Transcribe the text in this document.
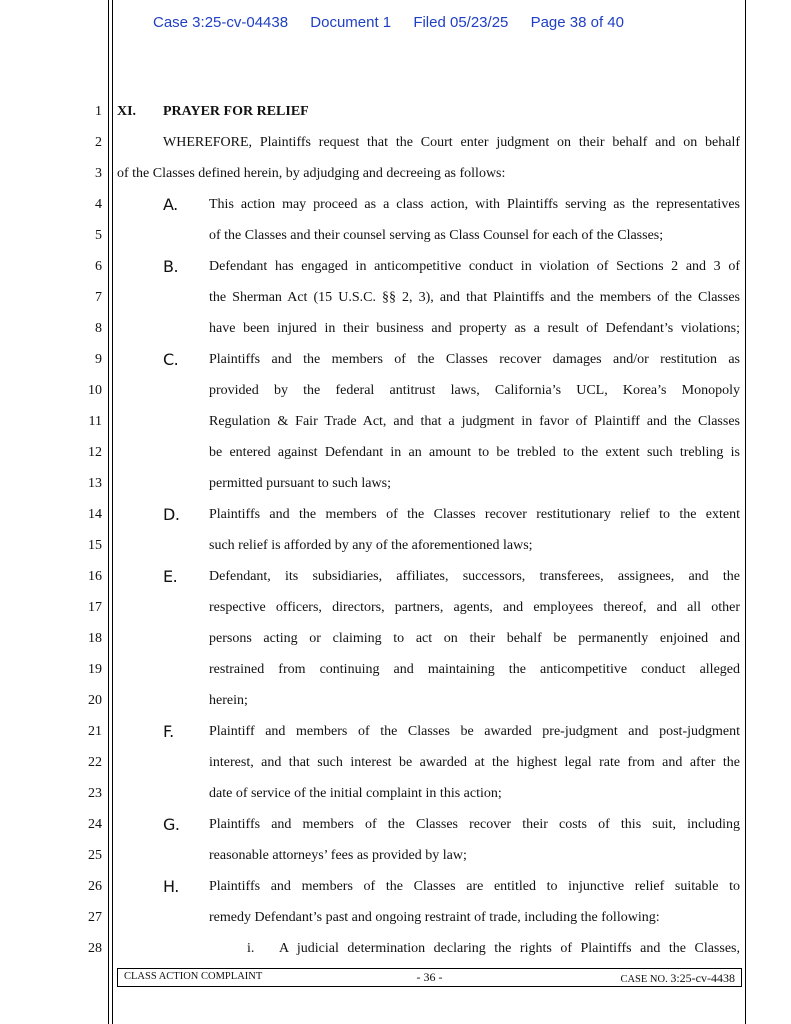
Case 3:25-cv-04438 Document 1 Filed 05/23/25 Page 38 of 40
1
2
3
4
5
6
7
8
9
10
11
12
13
14
15
16
17
18
19
20
21
22
23
24
25
26
27
28
XI. PRAYER FOR RELIEF
WHEREFORE, Plaintiffs request that the Court enter judgment on their behalf and on behalf
of the Classes defined herein, by adjudging and decreeing as follows:
A. This action may proceed as a class action, with Plaintiffs serving as the representatives
of the Classes and their counsel serving as Class Counsel for each of the Classes;
B. Defendant has engaged in anticompetitive conduct in violation of Sections 2 and 3 of
the Sherman Act (15 U.S.C. §§ 2, 3), and that Plaintiffs and the members of the Classes
have been injured in their business and property as a result of Defendant’s violations;
C. Plaintiffs and the members of the Classes recover damages and/or restitution as
provided by the federal antitrust laws, California’s UCL, Korea’s Monopoly
Regulation & Fair Trade Act, and that a judgment in favor of Plaintiff and the Classes
be entered against Defendant in an amount to be trebled to the extent such trebling is
permitted pursuant to such laws;
D. Plaintiffs and the members of the Classes recover restitutionary relief to the extent
such relief is afforded by any of the aforementioned laws;
E. Defendant, its subsidiaries, affiliates, successors, transferees, assignees, and the
respective officers, directors, partners, agents, and employees thereof, and all other
persons acting or claiming to act on their behalf be permanently enjoined and
restrained from continuing and maintaining the anticompetitive conduct alleged
herein;
F.	Plaintiff and members of the Classes be awarded pre-judgment and post-judgment
interest, and that such interest be awarded at the highest legal rate from and after the
date of service of the initial complaint in this action;
G. Plaintiffs and members of the Classes recover their costs of this suit, including
reasonable attorneys’ fees as provided by law;
H. Plaintiffs and members of the Classes are entitled to injunctive relief suitable to
remedy Defendant’s past and ongoing restraint of trade, including the following:
i. A judicial determination declaring the rights of Plaintiffs and the Classes,
CLASS ACTION COMPLAINT	- 36 -	CASE NO. 3:25-cv-4438
